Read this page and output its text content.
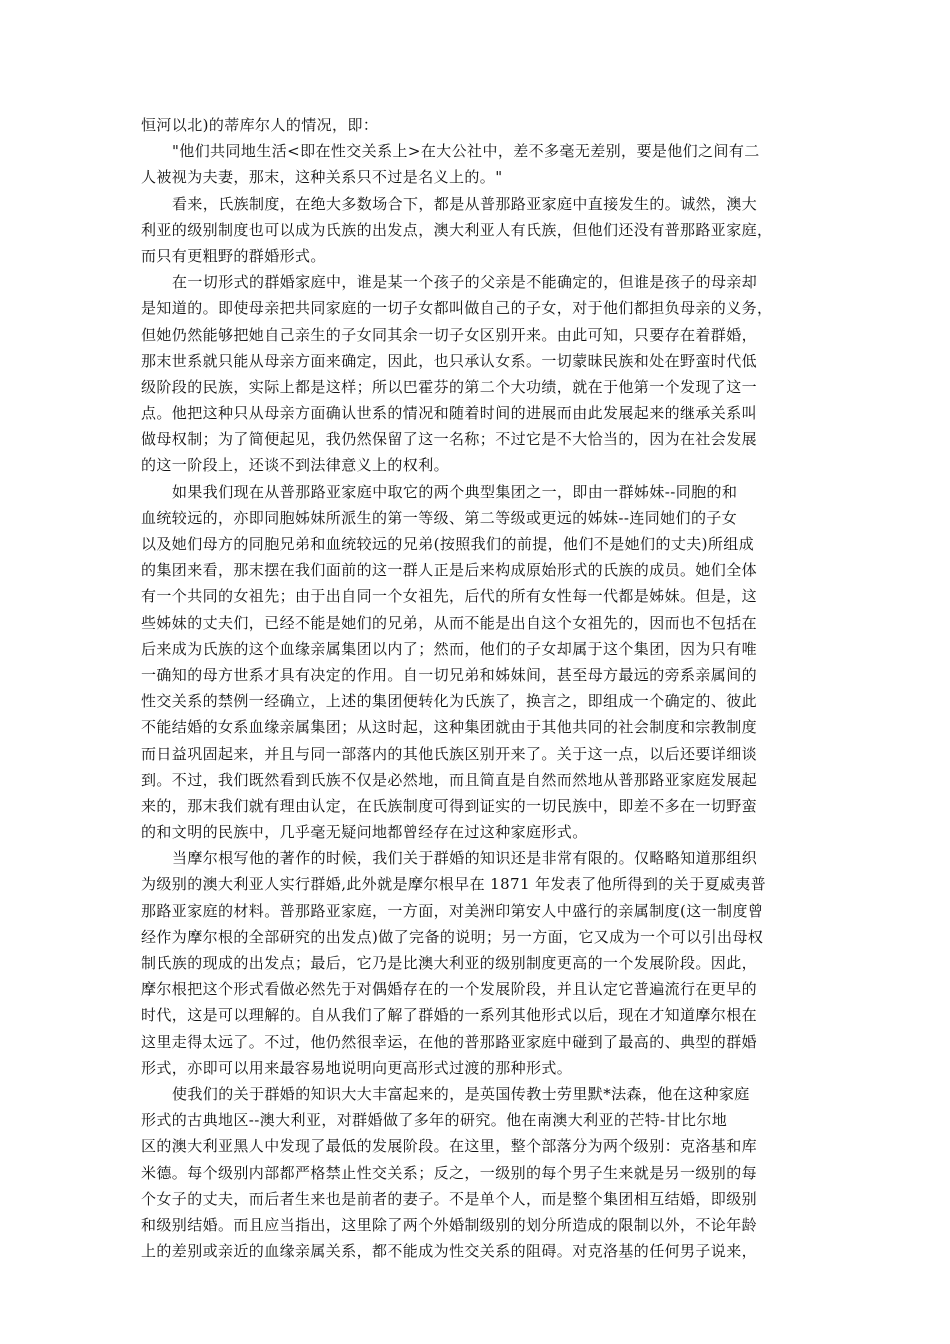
恒河以北)的蒂库尔人的情况，即：
"他们共同地生活<即在性交关系上>在大公社中，差不多毫无差别，要是他们之间有二
人被视为夫妻，那末，这种关系只不过是名义上的。"
看来，氏族制度，在绝大多数场合下，都是从普那路亚家庭中直接发生的。诚然，澳大
利亚的级别制度也可以成为氏族的出发点，澳大利亚人有氏族，但他们还没有普那路亚家庭，
而只有更粗野的群婚形式。
在一切形式的群婚家庭中，谁是某一个孩子的父亲是不能确定的，但谁是孩子的母亲却
是知道的。即使母亲把共同家庭的一切子女都叫做自己的子女，对于他们都担负母亲的义务，
但她仍然能够把她自己亲生的子女同其余一切子女区别开来。由此可知，只要存在着群婚，
那末世系就只能从母亲方面来确定，因此，也只承认女系。一切蒙昧民族和处在野蛮时代低
级阶段的民族，实际上都是这样；所以巴霍芬的第二个大功绩，就在于他第一个发现了这一
点。他把这种只从母亲方面确认世系的情况和随着时间的进展而由此发展起来的继承关系叫
做母权制；为了简便起见，我仍然保留了这一名称；不过它是不大恰当的，因为在社会发展
的这一阶段上，还谈不到法律意义上的权利。
如果我们现在从普那路亚家庭中取它的两个典型集团之一，即由一群姊妹--同胞的和
血统较远的，亦即同胞姊妹所派生的第一等级、第二等级或更远的姊妹--连同她们的子女
以及她们母方的同胞兄弟和血统较远的兄弟(按照我们的前提，他们不是她们的丈夫)所组成
的集团来看，那末摆在我们面前的这一群人正是后来构成原始形式的氏族的成员。她们全体
有一个共同的女祖先；由于出自同一个女祖先，后代的所有女性每一代都是姊妹。但是，这
些姊妹的丈夫们，已经不能是她们的兄弟，从而不能是出自这个女祖先的，因而也不包括在
后来成为氏族的这个血缘亲属集团以内了；然而，他们的子女却属于这个集团，因为只有唯
一确知的母方世系才具有决定的作用。自一切兄弟和姊妹间，甚至母方最远的旁系亲属间的
性交关系的禁例一经确立，上述的集团便转化为氏族了，换言之，即组成一个确定的、彼此
不能结婚的女系血缘亲属集团；从这时起，这种集团就由于其他共同的社会制度和宗教制度
而日益巩固起来，并且与同一部落内的其他氏族区别开来了。关于这一点，以后还要详细谈
到。不过，我们既然看到氏族不仅是必然地，而且简直是自然而然地从普那路亚家庭发展起
来的，那末我们就有理由认定，在氏族制度可得到证实的一切民族中，即差不多在一切野蛮
的和文明的民族中，几乎毫无疑问地都曾经存在过这种家庭形式。
当摩尔根写他的著作的时候，我们关于群婚的知识还是非常有限的。仅略略知道那组织
为级别的澳大利亚人实行群婚,此外就是摩尔根早在 1871 年发表了他所得到的关于夏威夷普
那路亚家庭的材料。普那路亚家庭，一方面，对美洲印第安人中盛行的亲属制度(这一制度曾
经作为摩尔根的全部研究的出发点)做了完备的说明；另一方面，它又成为一个可以引出母权
制氏族的现成的出发点；最后，它乃是比澳大利亚的级别制度更高的一个发展阶段。因此，
摩尔根把这个形式看做必然先于对偶婚存在的一个发展阶段，并且认定它普遍流行在更早的
时代，这是可以理解的。自从我们了解了群婚的一系列其他形式以后，现在才知道摩尔根在
这里走得太远了。不过，他仍然很幸运，在他的普那路亚家庭中碰到了最高的、典型的群婚
形式，亦即可以用来最容易地说明向更高形式过渡的那种形式。
使我们的关于群婚的知识大大丰富起来的，是英国传教士劳里默*法森，他在这种家庭
形式的古典地区--澳大利亚，对群婚做了多年的研究。他在南澳大利亚的芒特-甘比尔地
区的澳大利亚黑人中发现了最低的发展阶段。在这里，整个部落分为两个级别：克洛基和库
米德。每个级别内部都严格禁止性交关系；反之，一级别的每个男子生来就是另一级别的每
个女子的丈夫，而后者生来也是前者的妻子。不是单个人，而是整个集团相互结婚，即级别
和级别结婚。而且应当指出，这里除了两个外婚制级别的划分所造成的限制以外，不论年龄
上的差别或亲近的血缘亲属关系，都不能成为性交关系的阻碍。对克洛基的任何男子说来，
